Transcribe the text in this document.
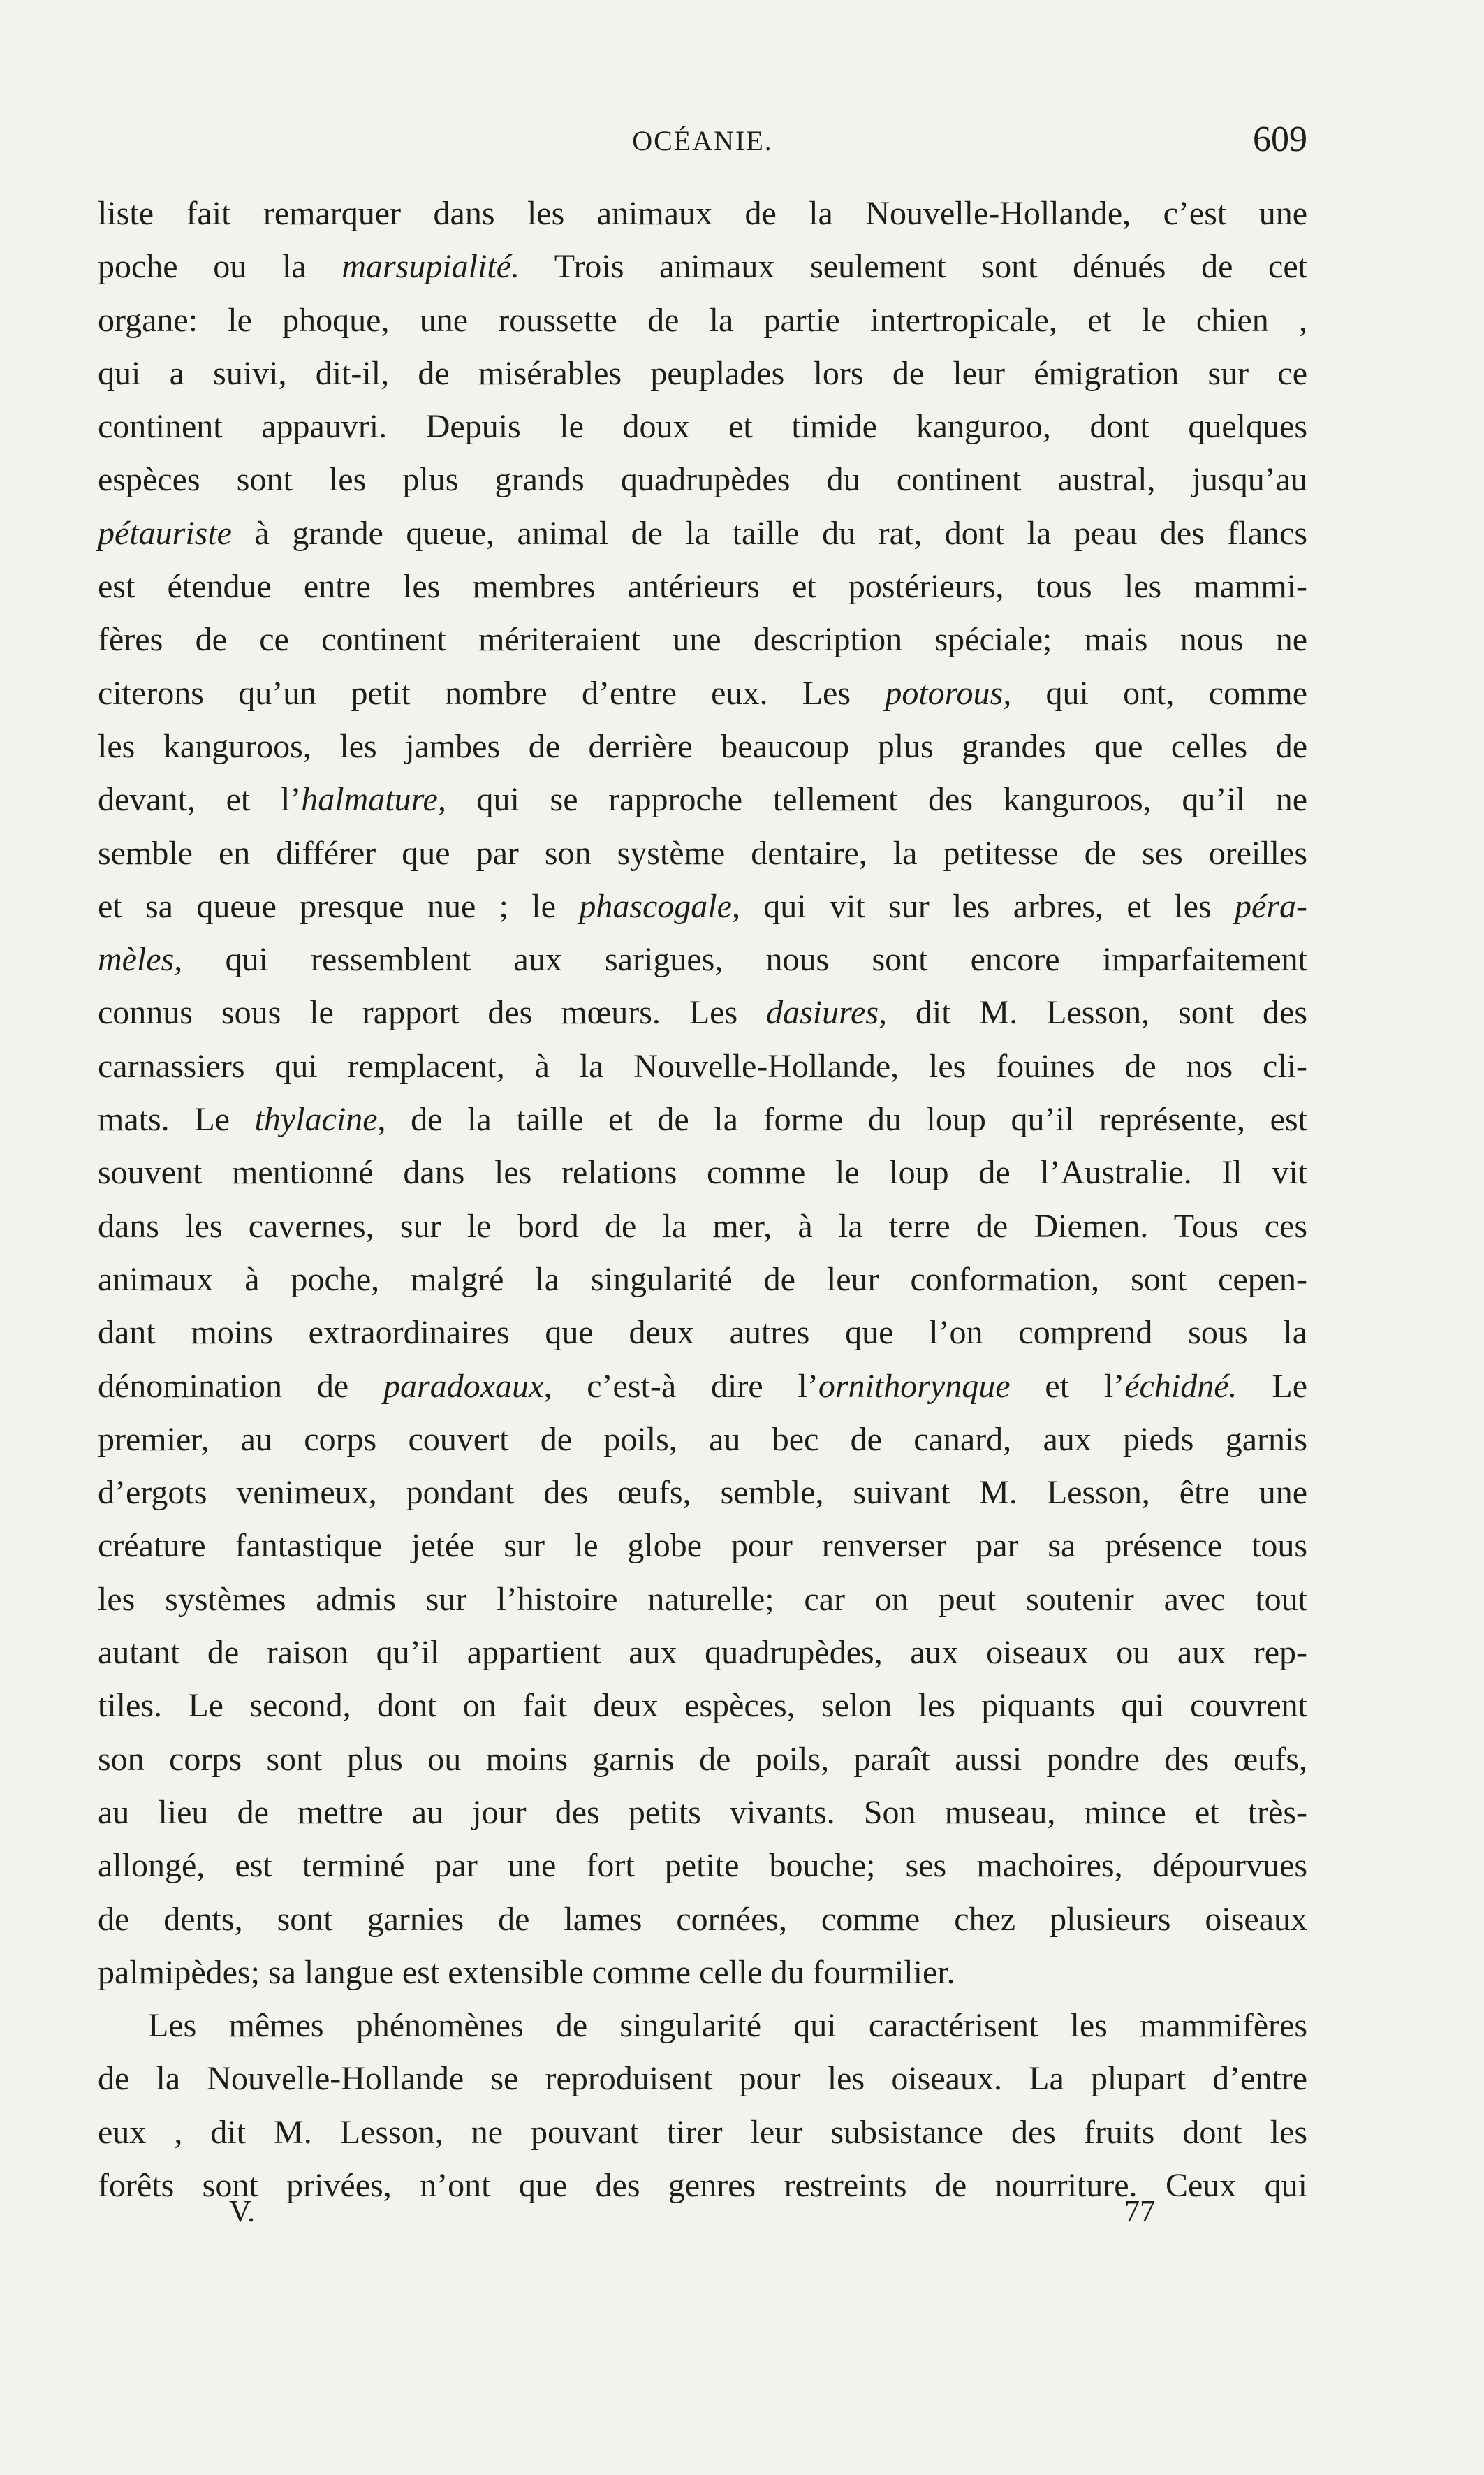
OCÉANIE.	609
liste fait remarquer dans les animaux de la Nouvelle-Hollande, c’est une
poche ou la marsupialité. Trois animaux seulement sont dénués de cet
organe: le phoque, une roussette de la partie intertropicale, et le chien ,
qui a suivi, dit-il, de misérables peuplades lors de leur émigration sur ce
continent appauvri. Depuis le doux et timide kanguroo, dont quelques
espèces sont les plus grands quadrupèdes du continent austral, jusqu’au
pétauriste à grande queue, animal de la taille du rat, dont la peau des flancs
est étendue entre les membres antérieurs et postérieurs, tous les mammi-
fères de ce continent mériteraient une description spéciale; mais nous ne
citerons qu’un petit nombre d’entre eux. Les potorous, qui ont, comme
les kanguroos, les jambes de derrière beaucoup plus grandes que celles de
devant, et l’halmature, qui se rapproche tellement des kanguroos, qu’il ne
semble en différer que par son système dentaire, la petitesse de ses oreilles
et sa queue presque nue ; le phascogale, qui vit sur les arbres, et les péra-
mèles, qui ressemblent aux sarigues, nous sont encore imparfaitement
connus sous le rapport des mœurs. Les dasiures, dit M. Lesson, sont des
carnassiers qui remplacent, à la Nouvelle-Hollande, les fouines de nos cli-
mats. Le thylacine, de la taille et de la forme du loup qu’il représente, est
souvent mentionné dans les relations comme le loup de l’Australie. Il vit
dans les cavernes, sur le bord de la mer, à la terre de Diemen. Tous ces
animaux à poche, malgré la singularité de leur conformation, sont cepen-
dant moins extraordinaires que deux autres que l’on comprend sous la
dénomination de paradoxaux, c’est-à dire l’ornithorynque et l’échidné. Le
premier, au corps couvert de poils, au bec de canard, aux pieds garnis
d’ergots venimeux, pondant des œufs, semble, suivant M. Lesson, être une
créature fantastique jetée sur le globe pour renverser par sa présence tous
les systèmes admis sur l’histoire naturelle; car on peut soutenir avec tout
autant de raison qu’il appartient aux quadrupèdes, aux oiseaux ou aux rep-
tiles. Le second, dont on fait deux espèces, selon les piquants qui couvrent
son corps sont plus ou moins garnis de poils, paraît aussi pondre des œufs,
au lieu de mettre au jour des petits vivants. Son museau, mince et très-
allongé, est terminé par une fort petite bouche; ses machoires, dépourvues
de dents, sont garnies de lames cornées, comme chez plusieurs oiseaux
palmipèdes; sa langue est extensible comme celle du fourmilier.
Les mêmes phénomènes de singularité qui caractérisent les mammifères
de la Nouvelle-Hollande se reproduisent pour les oiseaux. La plupart d’entre
eux , dit M. Lesson, ne pouvant tirer leur subsistance des fruits dont les
forêts sont privées, n’ont que des genres restreints de nourriture. Ceux qui
V.	77
